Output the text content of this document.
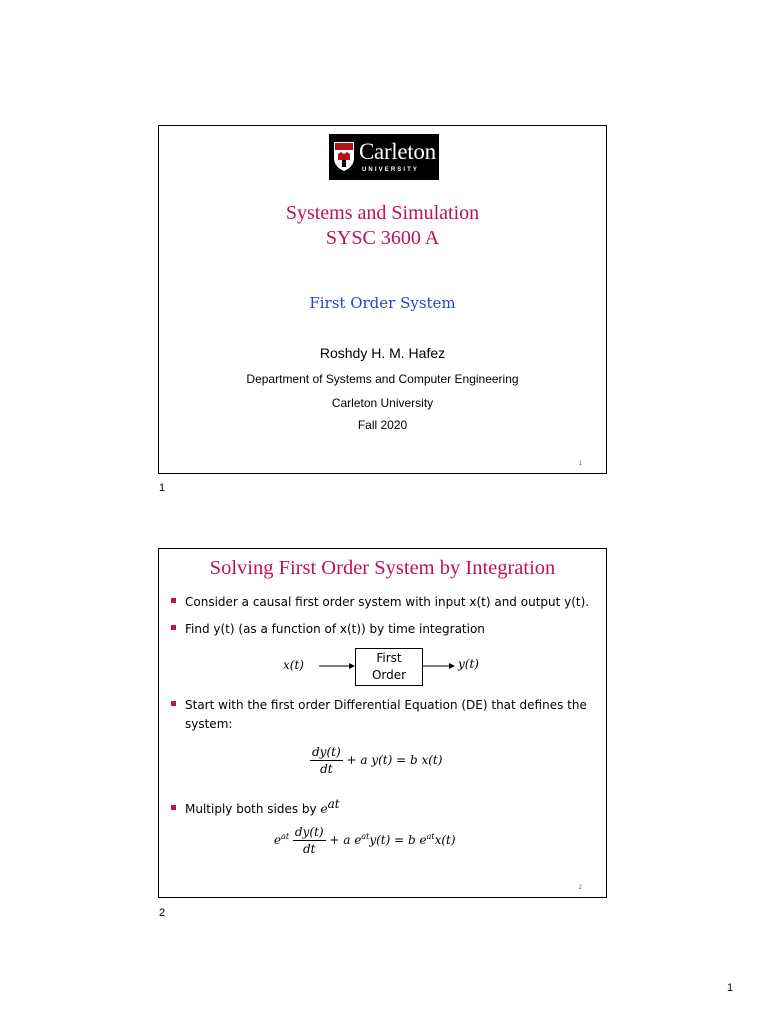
Carleton
UNIVERSITY
Systems and Simulation
SYSC 3600 A
First Order System
Roshdy H. M. Hafez
Department of Systems and Computer Engineering
Carleton University
Fall 2020
1
1
Solving First Order System by Integration
Consider a causal first order system with input x(t) and output y(t).
Find y(t) (as a function of x(t)) by time integration
x(t)	First
Order
y(t)
Start with the first order Differential Equation (DE) that defines the
system:
$\frac{dy(t)}{dt} + a$ y(t) = b x(t)
Multiply both sides by $e^{at}$
$e^{at} \frac{dy(t)}{dt} + a$ $e^{at}y(t) = b$ $e^{at}x(t)$
2
2
1
